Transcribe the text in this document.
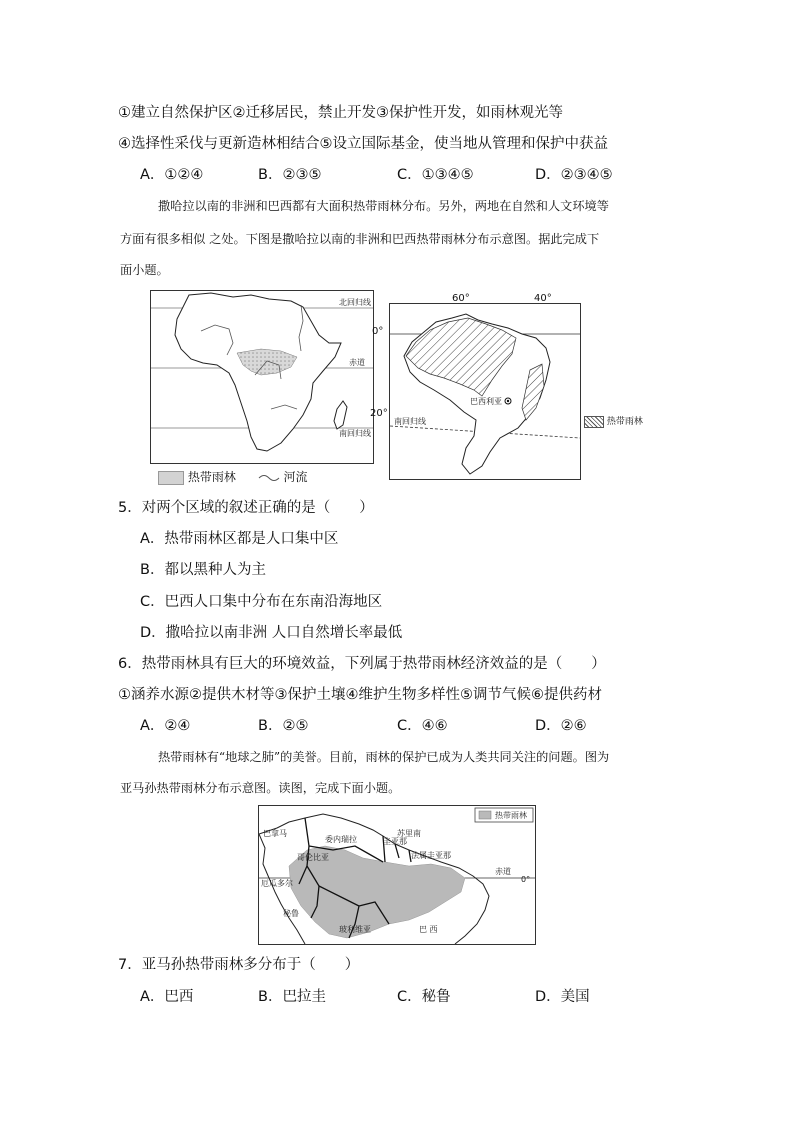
①建立自然保护区②迁移居民，禁止开发③保护性开发，如雨林观光等
④选择性采伐与更新造林相结合⑤设立国际基金，使当地从管理和保护中获益
A．①②④	B．②③⑤	C．①③④⑤	D．②③④⑤
撒哈拉以南的非洲和巴西都有大面积热带雨林分布。另外，两地在自然和人文环境等
方面有很多相似 之处。下图是撒哈拉以南的非洲和巴西热带雨林分布示意图。据此完成下
面小题。
北回归线
赤道
南回归线
热带雨林	河流
巴西利亚
南回归线
60°	40°
0°
20°
热带雨林
5．对两个区域的叙述正确的是（　　）
A．热带雨林区都是人口集中区
B．都以黑种人为主
C．巴西人口集中分布在东南沿海地区
D．撒哈拉以南非洲 人口自然增长率最低
6．热带雨林具有巨大的环境效益，下列属于热带雨林经济效益的是（　　）
①涵养水源②提供木材等③保护土壤④维护生物多样性⑤调节气候⑥提供药材
A．②④	B．②⑤	C．④⑥	D．②⑥
热带雨林有“地球之肺”的美誉。目前，雨林的保护已成为人类共同关注的问题。图为
亚马孙热带雨林分布示意图。读图，完成下面小题。
巴拿马
委内瑞拉
哥伦比亚
厄瓜多尔
秘鲁
玻利维亚	巴 西
圭亚那
苏里南
法属圭亚那
赤道
0°
热带雨林
7．亚马孙热带雨林多分布于（　　）
A．巴西	B．巴拉圭	C．秘鲁	D．美国
